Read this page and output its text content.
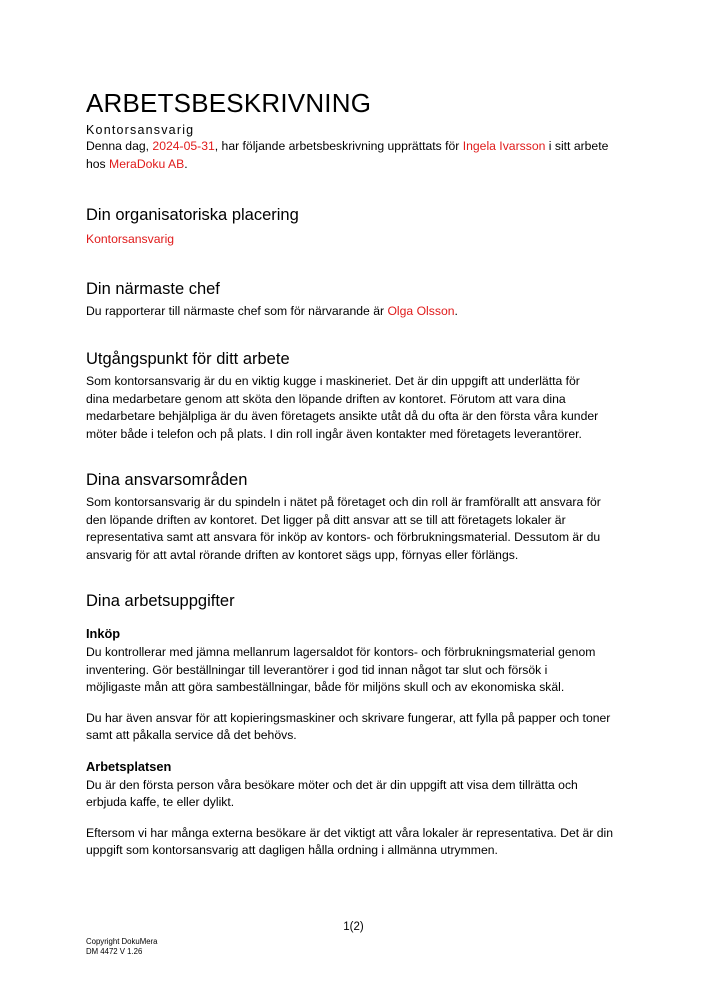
ARBETSBESKRIVNING
Kontorsansvarig

Denna dag, 2024-05-31, har följande arbetsbeskrivning upprättats för Ingela Ivarsson i sitt arbete hos MeraDoku AB.

Din organisatoriska placering

Kontorsansvarig

Din närmaste chef

Du rapporterar till närmaste chef som för närvarande är Olga Olsson.

Utgångspunkt för ditt arbete

Som kontorsansvarig är du en viktig kugge i maskineriet. Det är din uppgift att underlätta för
dina medarbetare genom att sköta den löpande driften av kontoret. Förutom att vara dina
medarbetare behjälpliga är du även företagets ansikte utåt då du ofta är den första våra kunder
möter både i telefon och på plats. I din roll ingår även kontakter med företagets leverantörer.

Dina ansvarsområden

Som kontorsansvarig är du spindeln i nätet på företaget och din roll är framförallt att ansvara för
den löpande driften av kontoret. Det ligger på ditt ansvar att se till att företagets lokaler är
representativa samt att ansvara för inköp av kontors- och förbrukningsmaterial. Dessutom är du
ansvarig för att avtal rörande driften av kontoret sägs upp, förnyas eller förlängs.

Dina arbetsuppgifter
Inköp

Du kontrollerar med jämna mellanrum lagersaldot för kontors- och förbrukningsmaterial genom
inventering. Gör beställningar till leverantörer i god tid innan något tar slut och försök i
möjligaste mån att göra sambeställningar, både för miljöns skull och av ekonomiska skäl.

Du har även ansvar för att kopieringsmaskiner och skrivare fungerar, att fylla på papper och toner
samt att påkalla service då det behövs.

Arbetsplatsen

Du är den första person våra besökare möter och det är din uppgift att visa dem tillrätta och
erbjuda kaffe, te eller dylikt.

Eftersom vi har många externa besökare är det viktigt att våra lokaler är representativa. Det är din
uppgift som kontorsansvarig att dagligen hålla ordning i allmänna utrymmen.

1(2)
Copyright DokuMera
DM 4472 V 1.26
